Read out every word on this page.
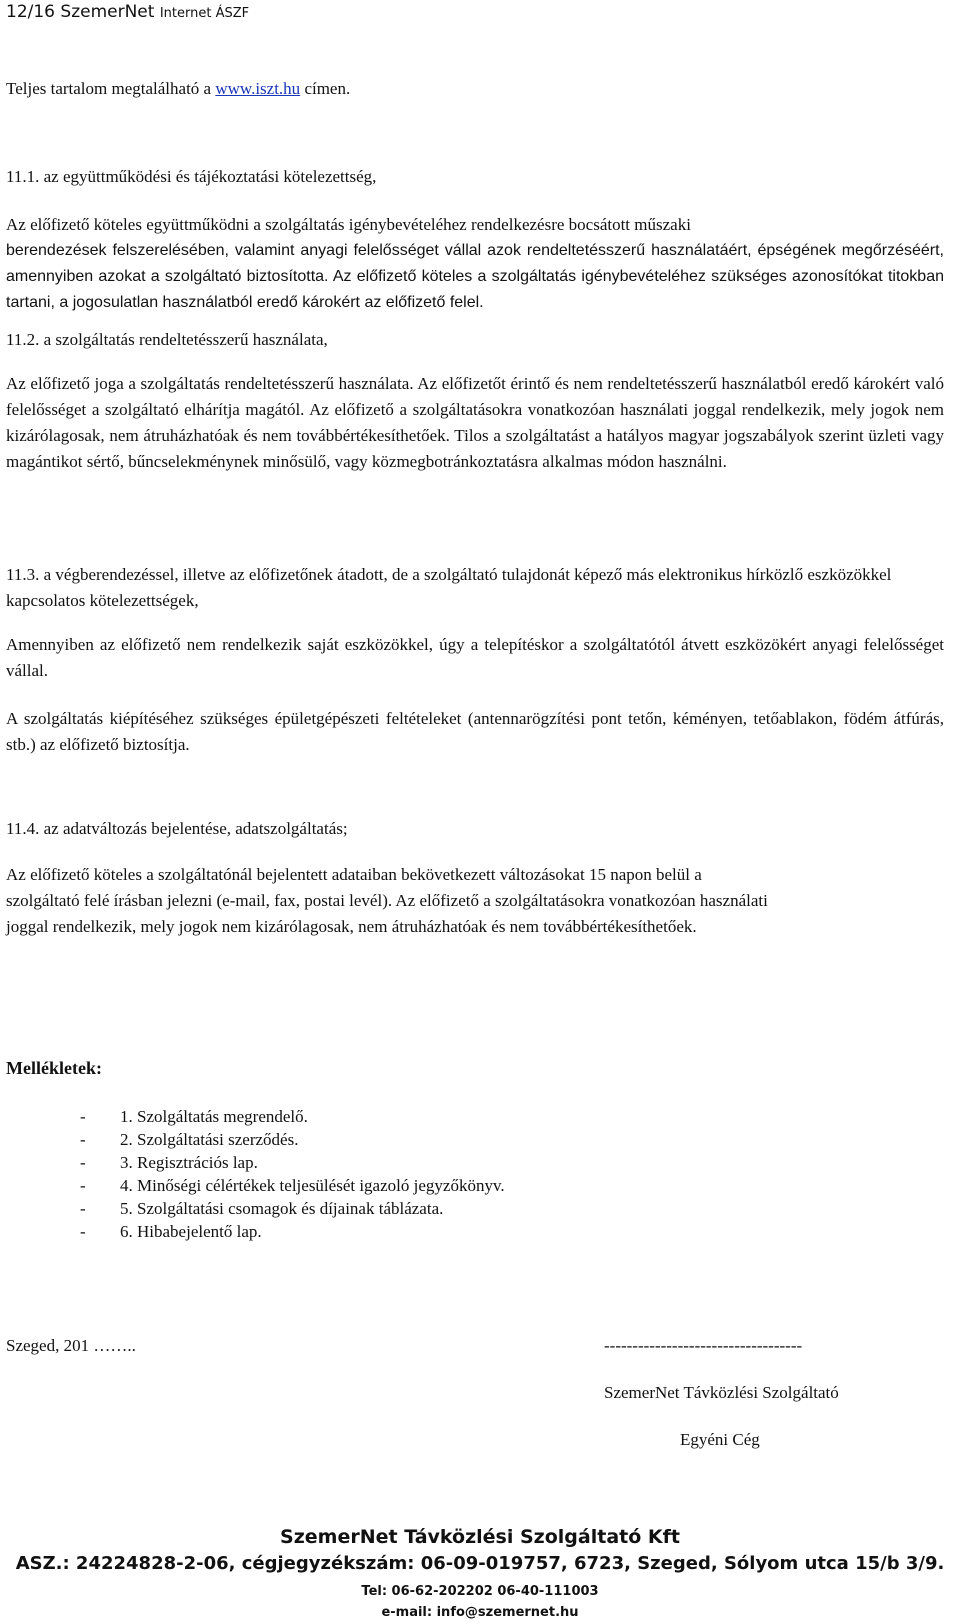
12/16 SzemerNet Internet ÁSZF

Teljes tartalom megtalálható a www.iszt.hu címen.

11.1. az együttműködési és tájékoztatási kötelezettség,

Az előfizető köteles együttműködni a szolgáltatás igénybevételéhez rendelkezésre bocsátott műszaki

berendezések felszerelésében, valamint anyagi felelősséget vállal azok rendeltetésszerű használatáért, épségének megőrzéséért, amennyiben azokat a szolgáltató biztosította. Az előfizető köteles a szolgáltatás igénybevételéhez szükséges azonosítókat titokban tartani, a jogosulatlan használatból eredő károkért az előfizető felel.

11.2. a szolgáltatás rendeltetésszerű használata,

Az előfizető joga a szolgáltatás rendeltetésszerű használata. Az előfizetőt érintő és nem rendeltetésszerű használatból eredő károkért való felelősséget a szolgáltató elhárítja magától. Az előfizető a szolgáltatásokra vonatkozóan használati joggal rendelkezik, mely jogok nem kizárólagosak, nem átruházhatóak és nem továbbértékesíthetőek. Tilos a szolgáltatást a hatályos magyar jogszabályok szerint üzleti vagy magántikot sértő, bűncselekménynek minősülő, vagy közmegbotránkoztatásra alkalmas módon használni.

11.3. a végberendezéssel, illetve az előfizetőnek átadott, de a szolgáltató tulajdonát képező más elektronikus hírközlő eszközökkel kapcsolatos kötelezettségek,

Amennyiben az előfizető nem rendelkezik saját eszközökkel, úgy a telepítéskor a szolgáltatótól átvett eszközökért anyagi felelősséget vállal.

A szolgáltatás kiépítéséhez szükséges épületgépészeti feltételeket (antennarögzítési pont tetőn, kéményen, tetőablakon, födém átfúrás, stb.) az előfizető biztosítja.

11.4. az adatváltozás bejelentése, adatszolgáltatás;

Az előfizető köteles a szolgáltatónál bejelentett adataiban bekövetkezett változásokat 15 napon belül a

szolgáltató felé írásban jelezni (e-mail, fax, postai levél). Az előfizető a szolgáltatásokra vonatkozóan használati

joggal rendelkezik, mely jogok nem kizárólagosak, nem átruházhatóak és nem továbbértékesíthetőek.

Mellékletek:

-	1. Szolgáltatás megrendelő.
-	2. Szolgáltatási szerződés.
-	3. Regisztrációs lap.
-	4. Minőségi célértékek teljesülését igazoló jegyzőkönyv.
-	5. Szolgáltatási csomagok és díjainak táblázata.
-	6. Hibabejelentő lap.
Szeged, 201 ……..	-----------------------------------
SzemerNet Távközlési Szolgáltató
Egyéni Cég
SzemerNet Távközlési Szolgáltató Kft
ASZ.: 24224828-2-06, cégjegyzékszám: 06-09-019757, 6723, Szeged, Sólyom utca 15/b 3/9.
Tel: 06-62-202202 06-40-111003
e-mail: info@szemernet.hu
